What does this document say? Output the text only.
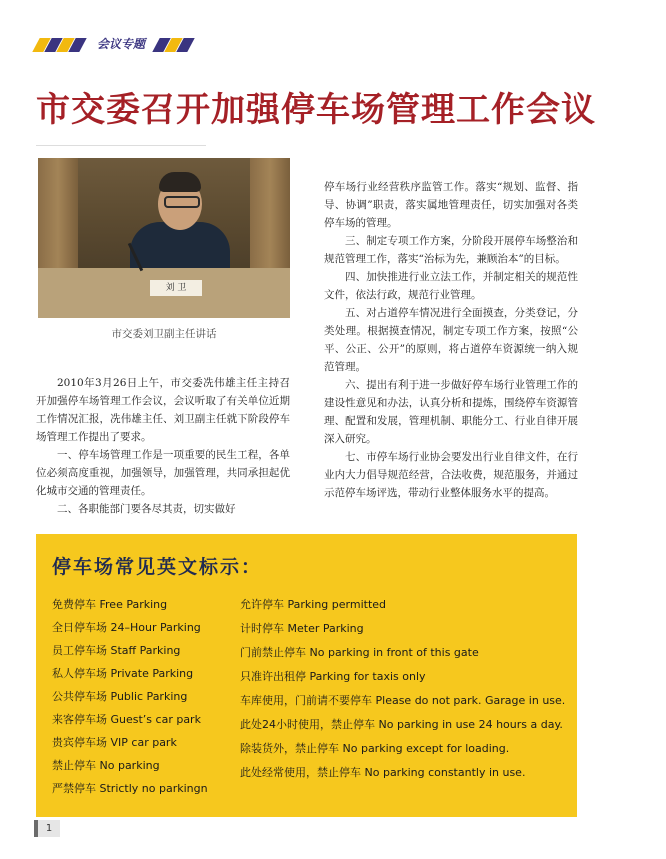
会议专题
市交委召开加强停车场管理工作会议
刘 卫
市交委刘卫副主任讲话

2010年3月26日上午，市交委冼伟雄主任主持召开加强停车场管理工作会议，会议听取了有关单位近期工作情况汇报，冼伟雄主任、刘卫副主任就下阶段停车场管理工作提出了要求。

一、停车场管理工作是一项重要的民生工程，各单位必须高度重视，加强领导，加强管理，共同承担起优化城市交通的管理责任。

二、各职能部门要各尽其责，切实做好

停车场行业经营秩序监管工作。落实“规划、监督、指导、协调”职责，落实属地管理责任，切实加强对各类停车场的管理。

三、制定专项工作方案，分阶段开展停车场整治和规范管理工作，落实“治标为先，兼顾治本”的目标。

四、加快推进行业立法工作，并制定相关的规范性文件，依法行政，规范行业管理。

五、对占道停车情况进行全面摸查，分类登记，分类处理。根据摸查情况，制定专项工作方案，按照“公平、公正、公开”的原则，将占道停车资源统一纳入规范管理。

六、提出有利于进一步做好停车场行业管理工作的建设性意见和办法，认真分析和提炼，围绕停车资源管理、配置和发展，管理机制、职能分工、行业自律开展深入研究。

七、市停车场行业协会要发出行业自律文件，在行业内大力倡导规范经营，合法收费，规范服务，并通过示范停车场评选，带动行业整体服务水平的提高。

停车场常见英文标示：
免费停车 Free Parking
全日停车场 24–Hour Parking
员工停车场 Staff Parking
私人停车场 Private Parking
公共停车场 Public Parking
来客停车场 Guest’s car park
贵宾停车场 VIP car park
禁止停车 No parking
严禁停车 Strictly no parkingn
允许停车 Parking permitted
计时停车 Meter Parking
门前禁止停车 No parking in front of this gate
只准许出租停 Parking for taxis only
车库使用，门前请不要停车 Please do not park. Garage in use.
此处24小时使用，禁止停车 No parking in use 24 hours a day.
除装货外，禁止停车 No parking except for loading.
此处经常使用，禁止停车 No parking constantly in use.
1
